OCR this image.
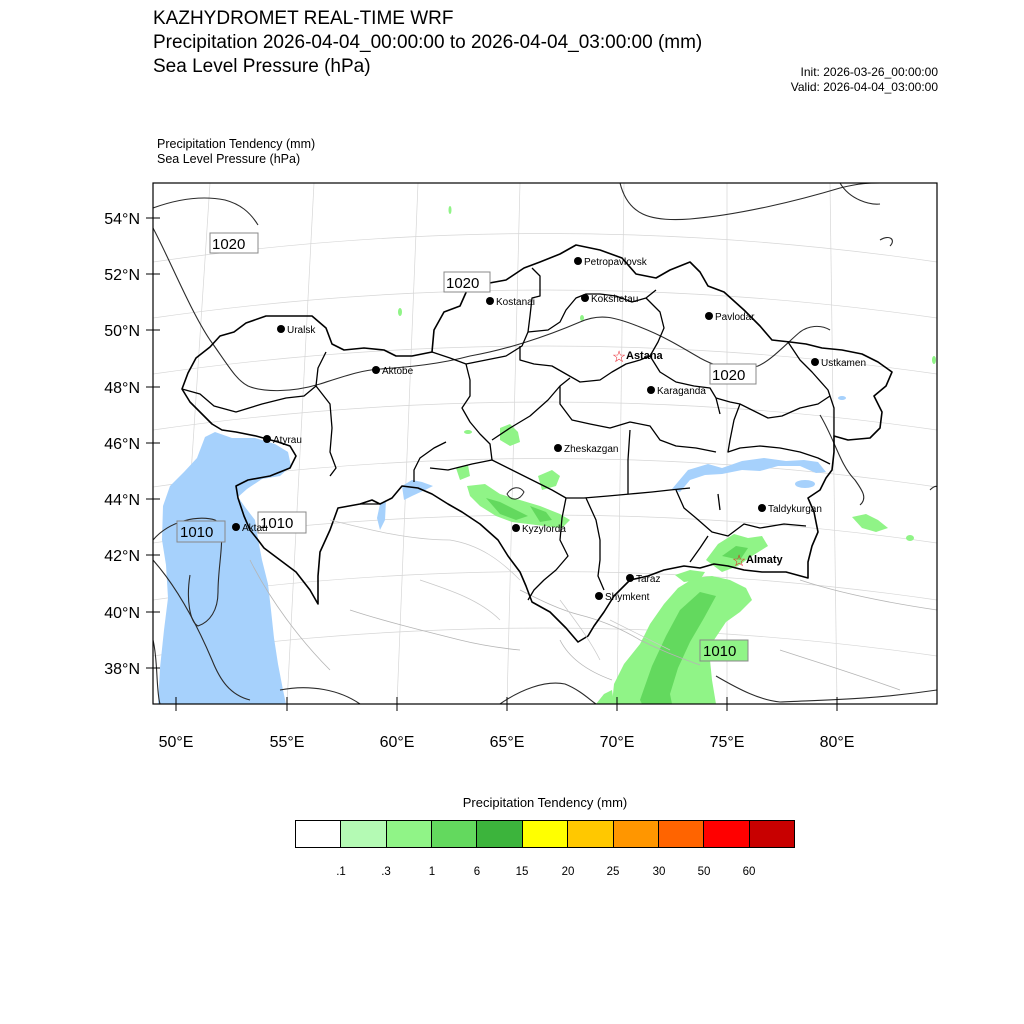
KAZHYDROMET REAL-TIME WRF
Precipitation 2026-04-04_00:00:00 to 2026-04-04_03:00:00 (mm)
Sea Level Pressure (hPa)	Init: 2026-03-26_00:00:00
Valid: 2026-04-04_03:00:00
Precipitation Tendency (mm)
Sea Level Pressure (hPa)
54°N
52°N
50°N
48°N
46°N
44°N
42°N
40°N
38°N
50°E	55°E	60°E	65°E	70°E	75°E	80°E
1020
1020
1020
1010
1010
1010
Petropavlovsk
Kostanai	Kokshetau
Uralsk
Pavlodar
☆ Astana
Aktobe
Ustkamen
Karaganda
Atyrau
Zheskazgan
Taldykurgan
Aktau	Kyzylorda
☆ Almaty
Taraz
Shymkent
Precipitation Tendency (mm)
.1	.3	1	6	15	20	25	30	50	60
